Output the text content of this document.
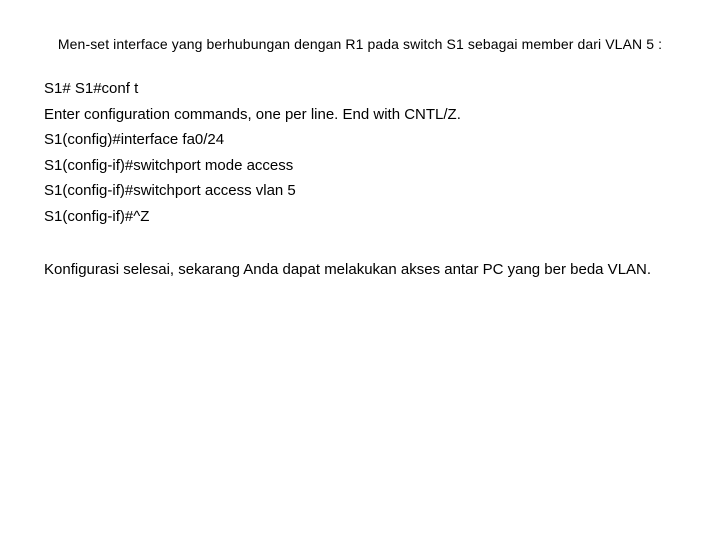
Men-set interface yang berhubungan dengan R1 pada switch S1 sebagai member dari VLAN 5 :
S1# S1#conf t
Enter configuration commands, one per line. End with CNTL/Z.
S1(config)#interface fa0/24
S1(config-if)#switchport mode access
S1(config-if)#switchport access vlan 5
S1(config-if)#^Z
Konfigurasi selesai, sekarang Anda dapat melakukan akses antar PC yang ber beda VLAN.
